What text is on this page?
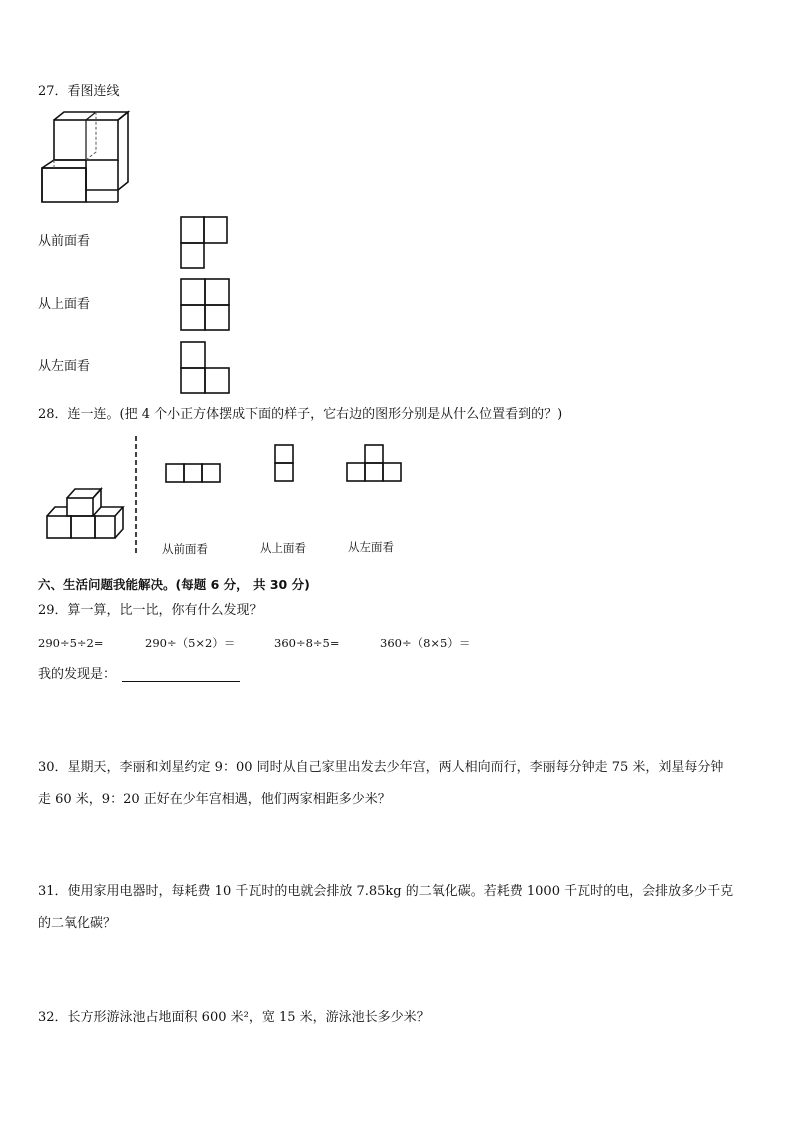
27．看图连线
从前面看
从上面看
从左面看
28．连一连。(把 4 个小正方体摆成下面的样子，它右边的图形分别是从什么位置看到的？)
从前面看	从上面看	从左面看
六、生活问题我能解决。(每题 6 分， 共 30 分)
29．算一算，比一比，你有什么发现？
290÷5÷2=	290÷（5×2）＝	360÷8÷5=	360÷（8×5）＝
我的发现是：
30．星期天，李丽和刘星约定 9：00 同时从自己家里出发去少年宫，两人相向而行，李丽每分钟走 75 米，刘星每分钟
走 60 米，9：20 正好在少年宫相遇，他们两家相距多少米？
31．使用家用电器时，每耗费 10 千瓦时的电就会排放 7.85kg 的二氧化碳。若耗费 1000 千瓦时的电，会排放多少千克
的二氧化碳？
32．长方形游泳池占地面积 600 米²，宽 15 米，游泳池长多少米？
